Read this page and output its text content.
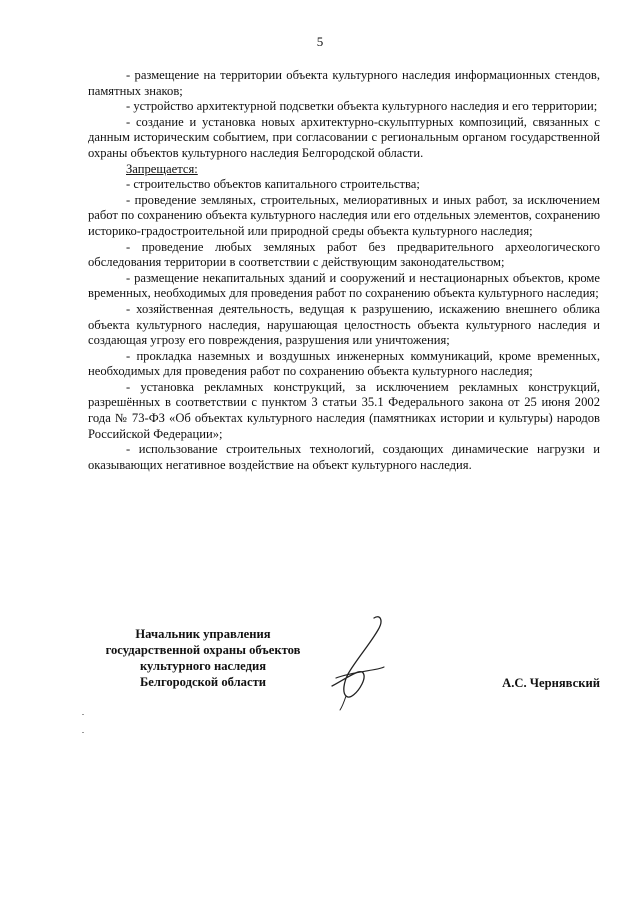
5

- размещение на территории объекта культурного наследия информационных стендов, памятных знаков;

- устройство архитектурной подсветки объекта культурного наследия и его территории;

- создание и установка новых архитектурно-скульптурных композиций, связанных с данным историческим событием, при согласовании с региональным органом государственной охраны объектов культурного наследия Белгородской области.

Запрещается:

- строительство объектов капитального строительства;

- проведение земляных, строительных, мелиоративных и иных работ, за исключением работ по сохранению объекта культурного наследия или его отдельных элементов, сохранению историко-градостроительной или природной среды объекта культурного наследия;

- проведение любых земляных работ без предварительного археологического обследования территории в соответствии с действующим законодательством;

- размещение некапитальных зданий и сооружений и нестационарных объектов, кроме временных, необходимых для проведения работ по сохранению объекта культурного наследия;

- хозяйственная деятельность, ведущая к разрушению, искажению внешнего облика объекта культурного наследия, нарушающая целостность объекта культурного наследия и создающая угрозу его повреждения, разрушения или уничтожения;

- прокладка наземных и воздушных инженерных коммуникаций, кроме временных, необходимых для проведения работ по сохранению объекта культурного наследия;

- установка рекламных конструкций, за исключением рекламных конструкций, разрешённых в соответствии с пунктом 3 статьи 35.1 Федерального закона от 25 июня 2002 года № 73-ФЗ «Об объектах культурного наследия (памятниках истории и культуры) народов Российской Федерации»;

- использование строительных технологий, создающих динамические нагрузки и оказывающих негативное воздействие на объект культурного наследия.

Начальник управления
государственной охраны объектов
культурного наследия
Белгородской области	А.С. Чернявский
